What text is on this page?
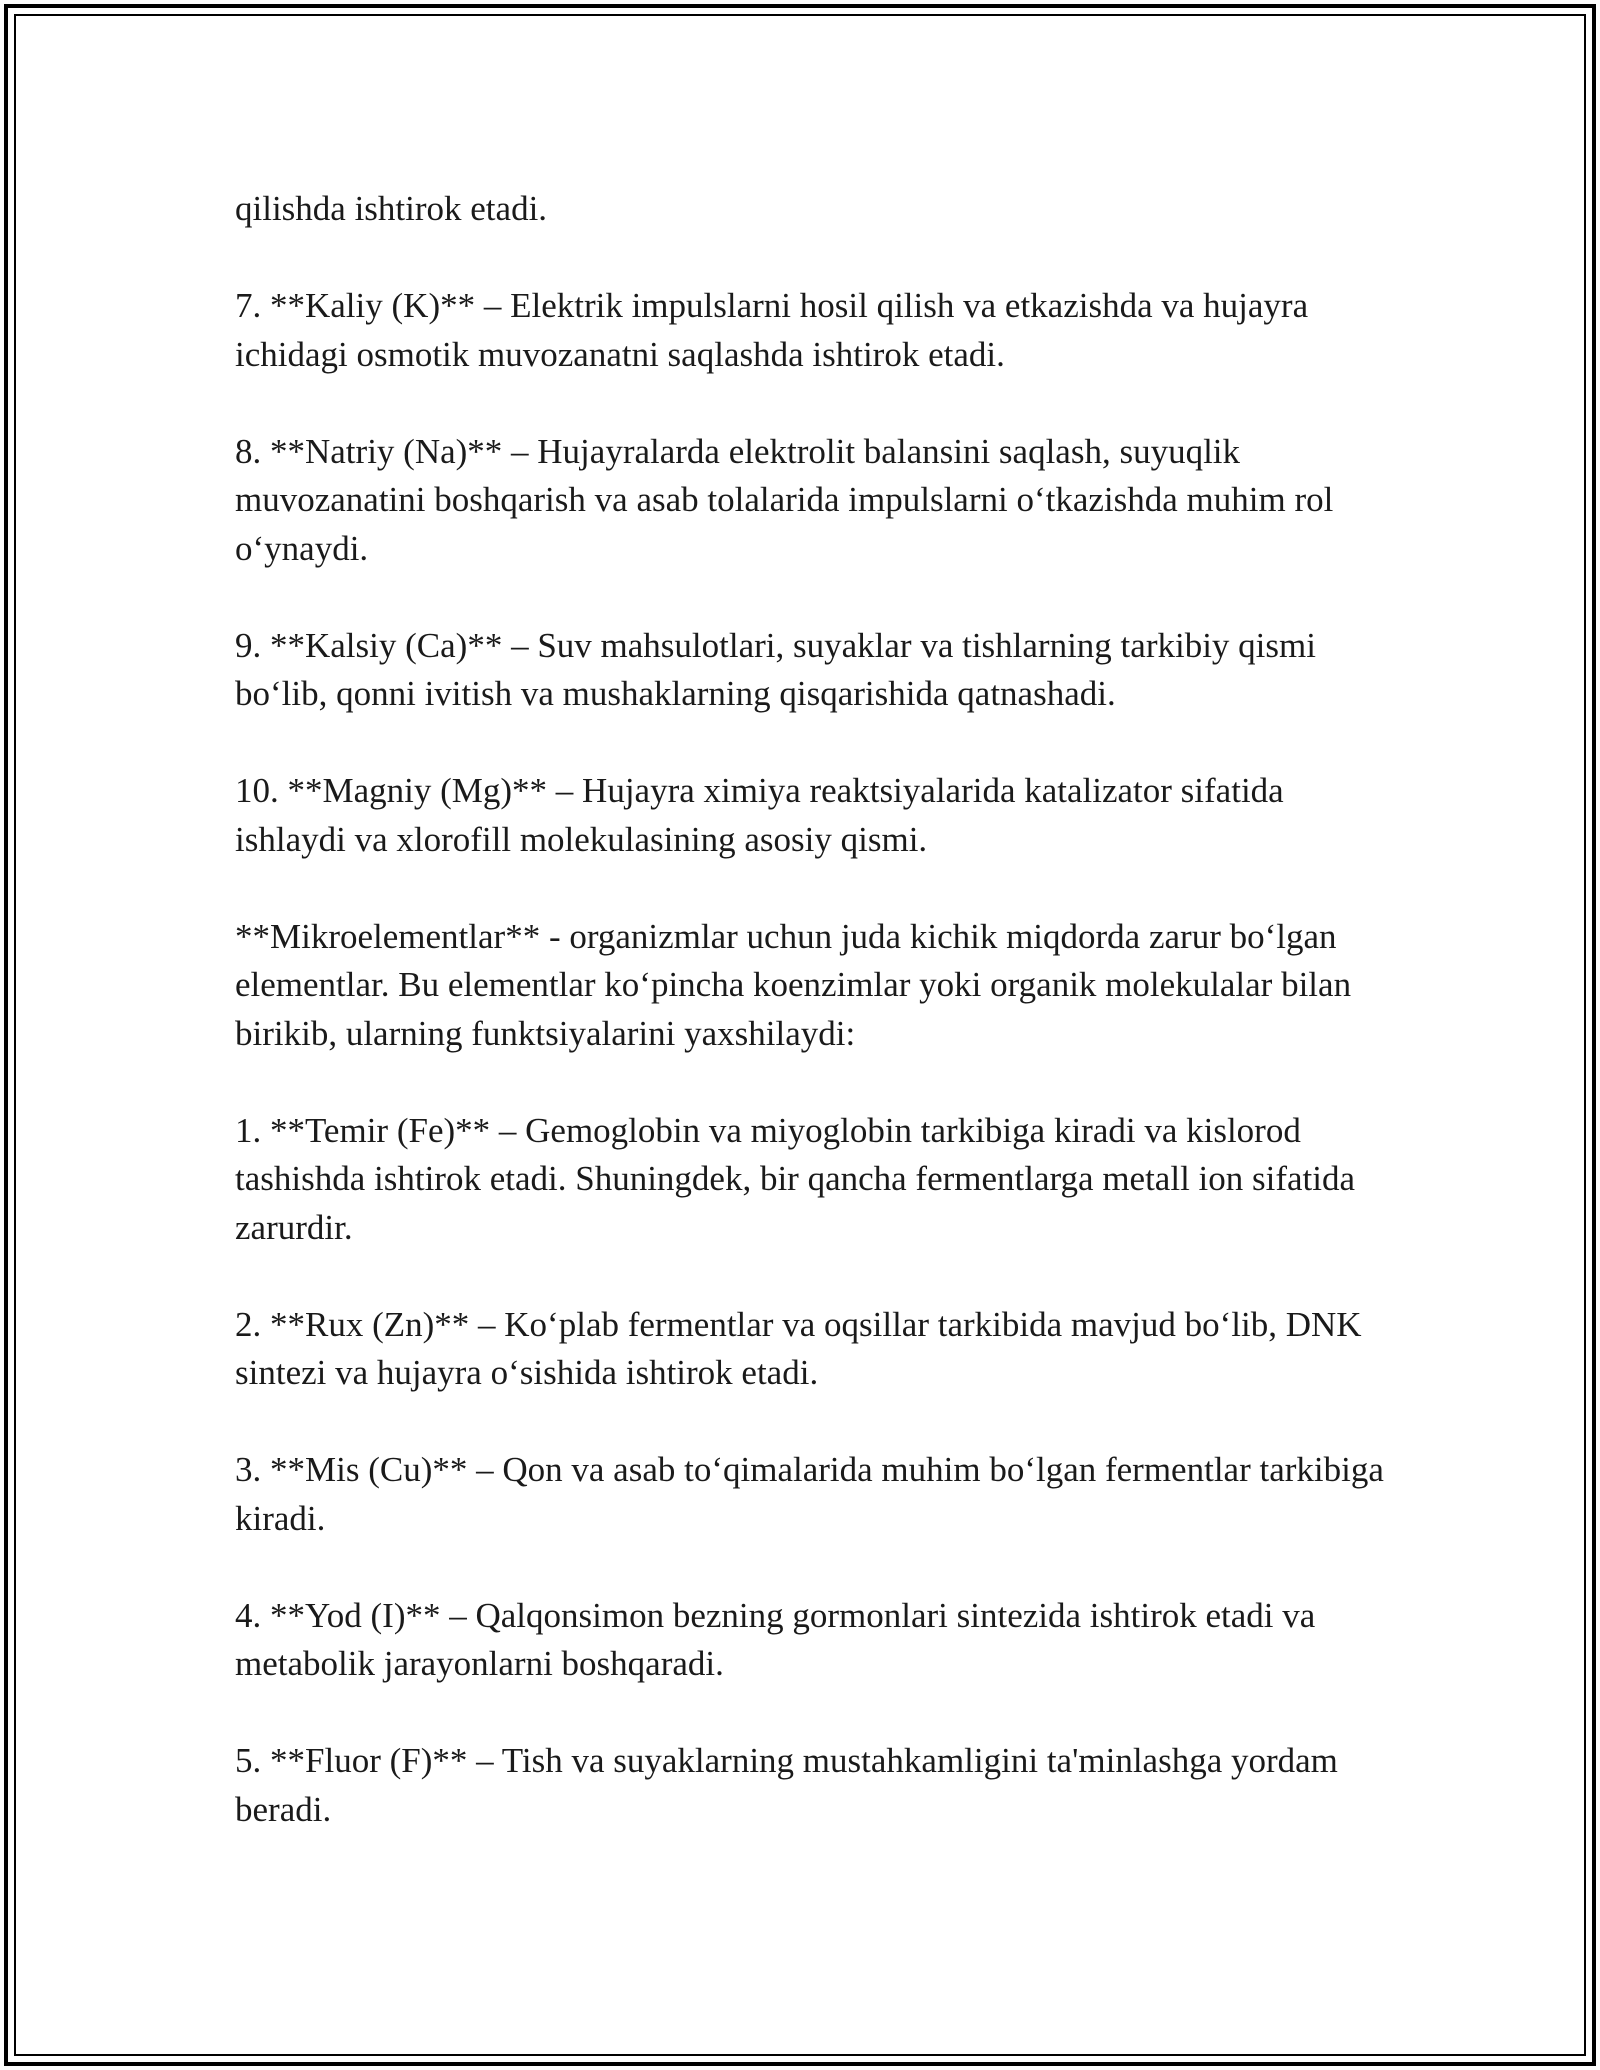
qilishda ishtirok etadi.

7. **Kaliy (K)** – Elektrik impulslarni hosil qilish va etkazishda va hujayra ichidagi osmotik muvozanatni saqlashda ishtirok etadi.

8. **Natriy (Na)** – Hujayralarda elektrolit balansini saqlash, suyuqlik muvozanatini boshqarish va asab tolalarida impulslarni o‘tkazishda muhim rol o‘ynaydi.

9. **Kalsiy (Ca)** – Suv mahsulotlari, suyaklar va tishlarning tarkibiy qismi bo‘lib, qonni ivitish va mushaklarning qisqarishida qatnashadi.

10. **Magniy (Mg)** – Hujayra ximiya reaktsiyalarida katalizator sifatida ishlaydi va xlorofill molekulasining asosiy qismi.

**Mikroelementlar** - organizmlar uchun juda kichik miqdorda zarur bo‘lgan elementlar. Bu elementlar ko‘pincha koenzimlar yoki organik molekulalar bilan birikib, ularning funktsiyalarini yaxshilaydi:

1. **Temir (Fe)** – Gemoglobin va miyoglobin tarkibiga kiradi va kislorod tashishda ishtirok etadi. Shuningdek, bir qancha fermentlarga metall ion sifatida zarurdir.

2. **Rux (Zn)** – Ko‘plab fermentlar va oqsillar tarkibida mavjud bo‘lib, DNK sintezi va hujayra o‘sishida ishtirok etadi.

3. **Mis (Cu)** – Qon va asab to‘qimalarida muhim bo‘lgan fermentlar tarkibiga kiradi.

4. **Yod (I)** – Qalqonsimon bezning gormonlari sintezida ishtirok etadi va metabolik jarayonlarni boshqaradi.

5. **Fluor (F)** – Tish va suyaklarning mustahkamligini ta'minlashga yordam beradi.
